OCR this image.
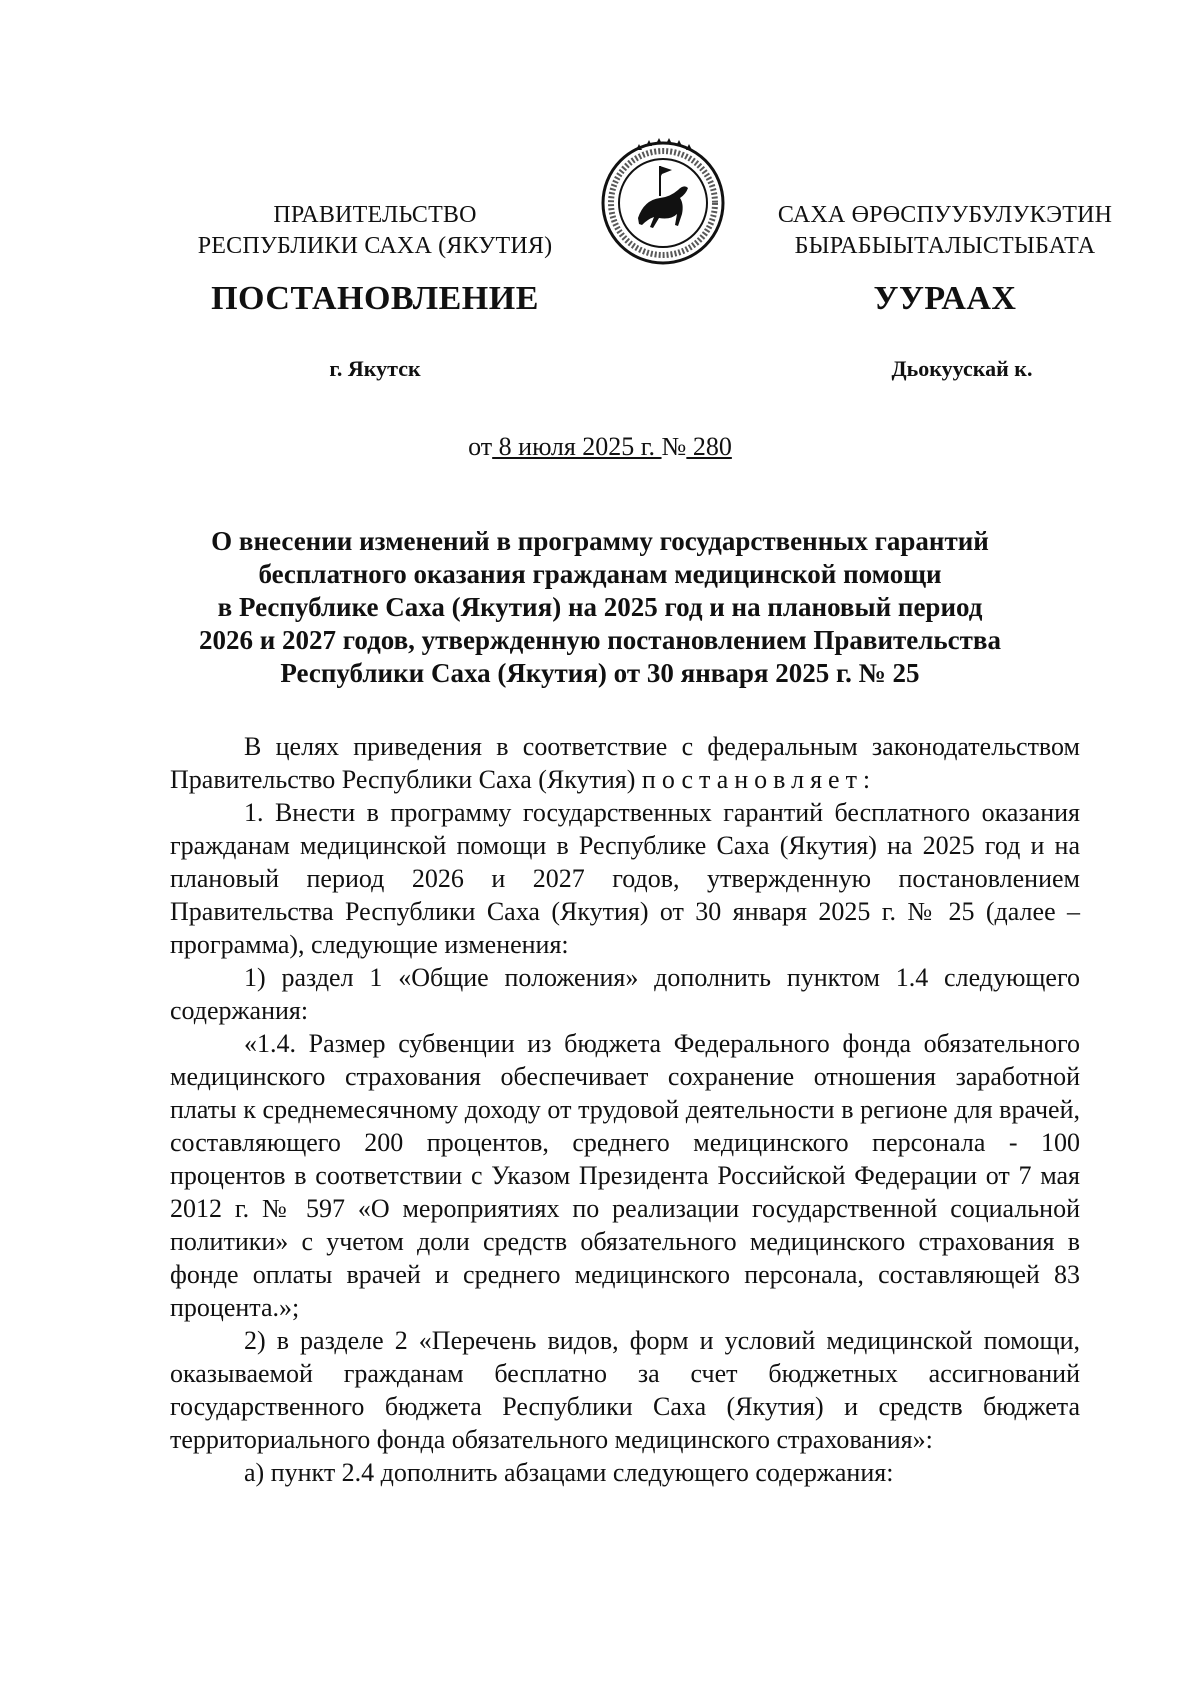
ПРАВИТЕЛЬСТВО
РЕСПУБЛИКИ САХА (ЯКУТИЯ)
САХА ӨРӨСПУУБУЛУКЭТИН
БЫРАБЫЫТАЛЫСТЫБАТА
ПОСТАНОВЛЕНИЕ	УУРААХ
г. Якутск	Дьокуускай к.
от 8 июля 2025 г. № 280
О внесении изменений в программу государственных гарантий
бесплатного оказания гражданам медицинской помощи
в Республике Саха (Якутия) на 2025 год и на плановый период
2026 и 2027 годов, утвержденную постановлением Правительства
Республики Саха (Якутия) от 30 января 2025 г. № 25

В целях приведения в соответствие с федеральным законодательством Правительство Республики Саха (Якутия) постановляет:

1. Внести в программу государственных гарантий бесплатного оказания гражданам медицинской помощи в Республике Саха (Якутия) на 2025 год и на плановый период 2026 и 2027 годов, утвержденную постановлением Правительства Республики Саха (Якутия) от 30 января 2025 г. № 25 (далее – программа), следующие изменения:

1) раздел 1 «Общие положения» дополнить пунктом 1.4 следующего содержания:

«1.4. Размер субвенции из бюджета Федерального фонда обязательного медицинского страхования обеспечивает сохранение отношения заработной платы к среднемесячному доходу от трудовой деятельности в регионе для врачей, составляющего 200 процентов, среднего медицинского персонала - 100 процентов в соответствии с Указом Президента Российской Федерации от 7 мая 2012 г. № 597 «О мероприятиях по реализации государственной социальной политики» с учетом доли средств обязательного медицинского страхования в фонде оплаты врачей и среднего медицинского персонала, составляющей 83 процента.»;

2) в разделе 2 «Перечень видов, форм и условий медицинской помощи, оказываемой гражданам бесплатно за счет бюджетных ассигнований государственного бюджета Республики Саха (Якутия) и средств бюджета территориального фонда обязательного медицинского страхования»:

а) пункт 2.4 дополнить абзацами следующего содержания:
